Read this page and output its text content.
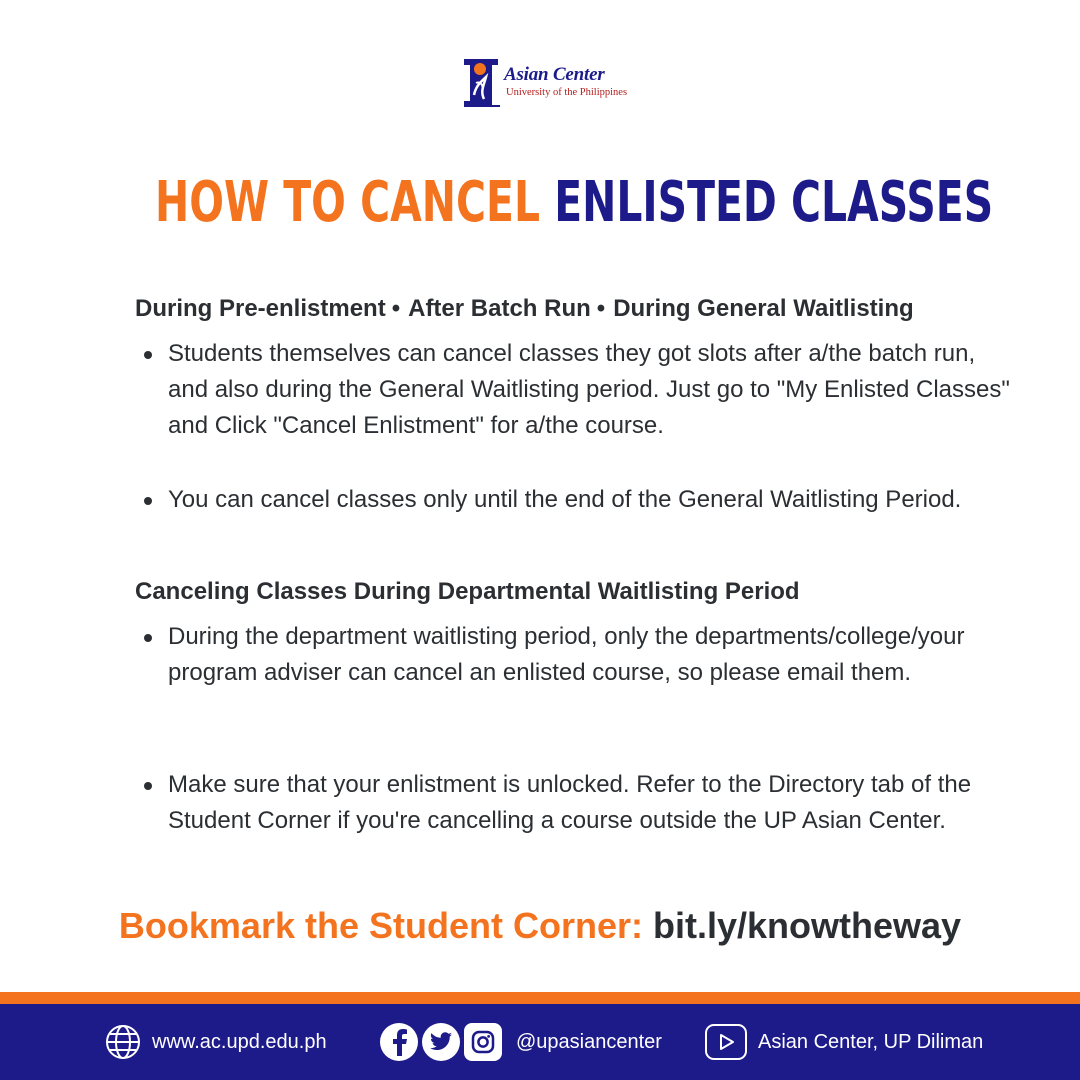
Asian Center
University of the Philippines
HOW TO CANCEL ENLISTED CLASSES
During Pre-enlistment • After Batch Run • During General Waitlisting
Students themselves can cancel classes they got slots after a/the batch run, and also during the General Waitlisting period. Just go to "My Enlisted Classes" and Click "Cancel Enlistment" for a/the course.
You can cancel classes only until the end of the General Waitlisting Period.
Canceling Classes During Departmental Waitlisting Period
During the department waitlisting period, only the departments/college/your program adviser can cancel an enlisted course, so please email them.
Make sure that your enlistment is unlocked. Refer to the Directory tab of the Student Corner if you're cancelling a course outside the UP Asian Center.
Bookmark the Student Corner: bit.ly/knowtheway
www.ac.upd.edu.ph	@upasiancenter	Asian Center, UP Diliman
